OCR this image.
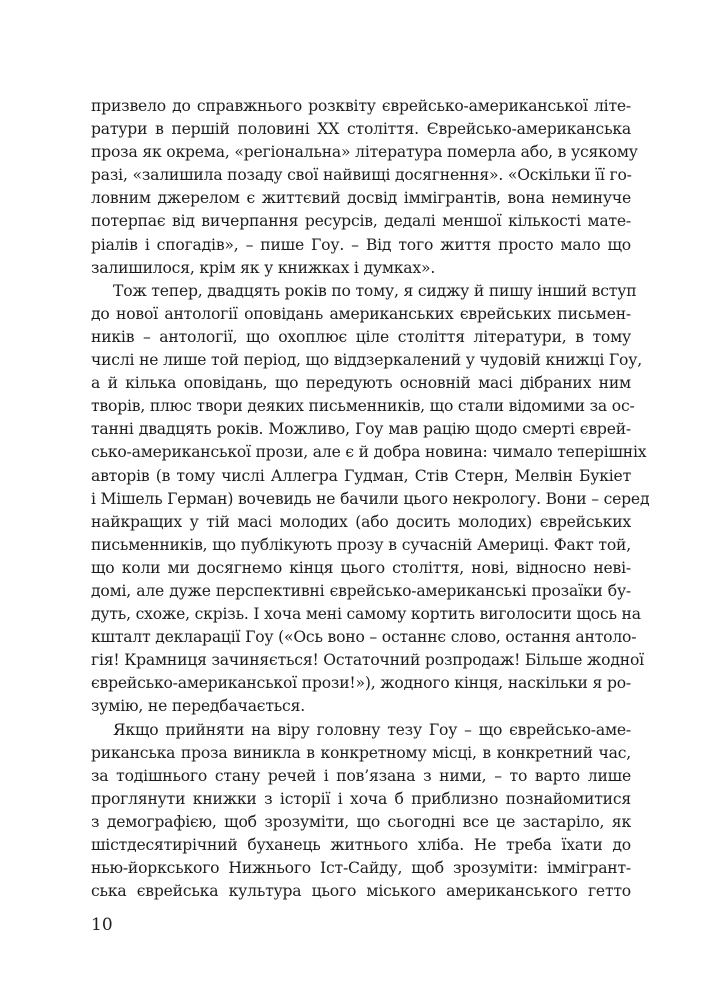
призвело до справжнього розквіту єврейсько-американської літе-
ратури в першій половині XX століття. Єврейсько-американська
проза як окрема, «регіональна» література померла або, в усякому
разі, «залишила позаду свої найвищі досягнення». «Оскільки її го-
ловним джерелом є життєвий досвід іммігрантів, вона неминуче
потерпає від вичерпання ресурсів, дедалі меншої кількості мате-
ріалів і спогадів», – пише Гоу. – Від того життя просто мало що
залишилося, крім як у книжках і думках».

Тож тепер, двадцять років по тому, я сиджу й пишу інший вступ
до нової антології оповідань американських єврейських письмен-
ників – антології, що охоплює ціле століття літератури, в тому
числі не лише той період, що віддзеркалений у чудовій книжці Гоу,
а й кілька оповідань, що передують основній масі дібраних ним
творів, плюс твори деяких письменників, що стали відомими за ос-
танні двадцять років. Можливо, Гоу мав рацію щодо смерті єврей-
сько-американської прози, але є й добра новина: чимало теперішніх
авторів (в тому числі Аллегра Гудман, Стів Стерн, Мелвін Букіет
і Мішель Герман) вочевидь не бачили цього некрологу. Вони – серед
найкращих у тій масі молодих (або досить молодих) єврейських
письменників, що публікують прозу в сучасній Америці. Факт той,
що коли ми досягнемо кінця цього століття, нові, відносно неві-
домі, але дуже перспективні єврейсько-американські прозаїки бу-
дуть, схоже, скрізь. І хоча мені самому кортить виголосити щось на
кшталт декларації Гоу («Ось воно – останнє слово, остання антоло-
гія! Крамниця зачиняється! Остаточний розпродаж! Більше жодної
єврейсько-американської прози!»), жодного кінця, наскільки я ро-
зумію, не передбачається.

Якщо прийняти на віру головну тезу Гоу – що єврейсько-аме-
риканська проза виникла в конкретному місці, в конкретний час,
за тодішнього стану речей і пов’язана з ними, – то варто лише
проглянути книжки з історії і хоча б приблизно познайомитися
з демографією, щоб зрозуміти, що сьогодні все це застаріло, як
шістдесятирічний буханець житнього хліба. Не треба їхати до
нью-йоркського Нижнього Іст-Сайду, щоб зрозуміти: іммігрант-
ська єврейська культура цього міського американського гетто

10
